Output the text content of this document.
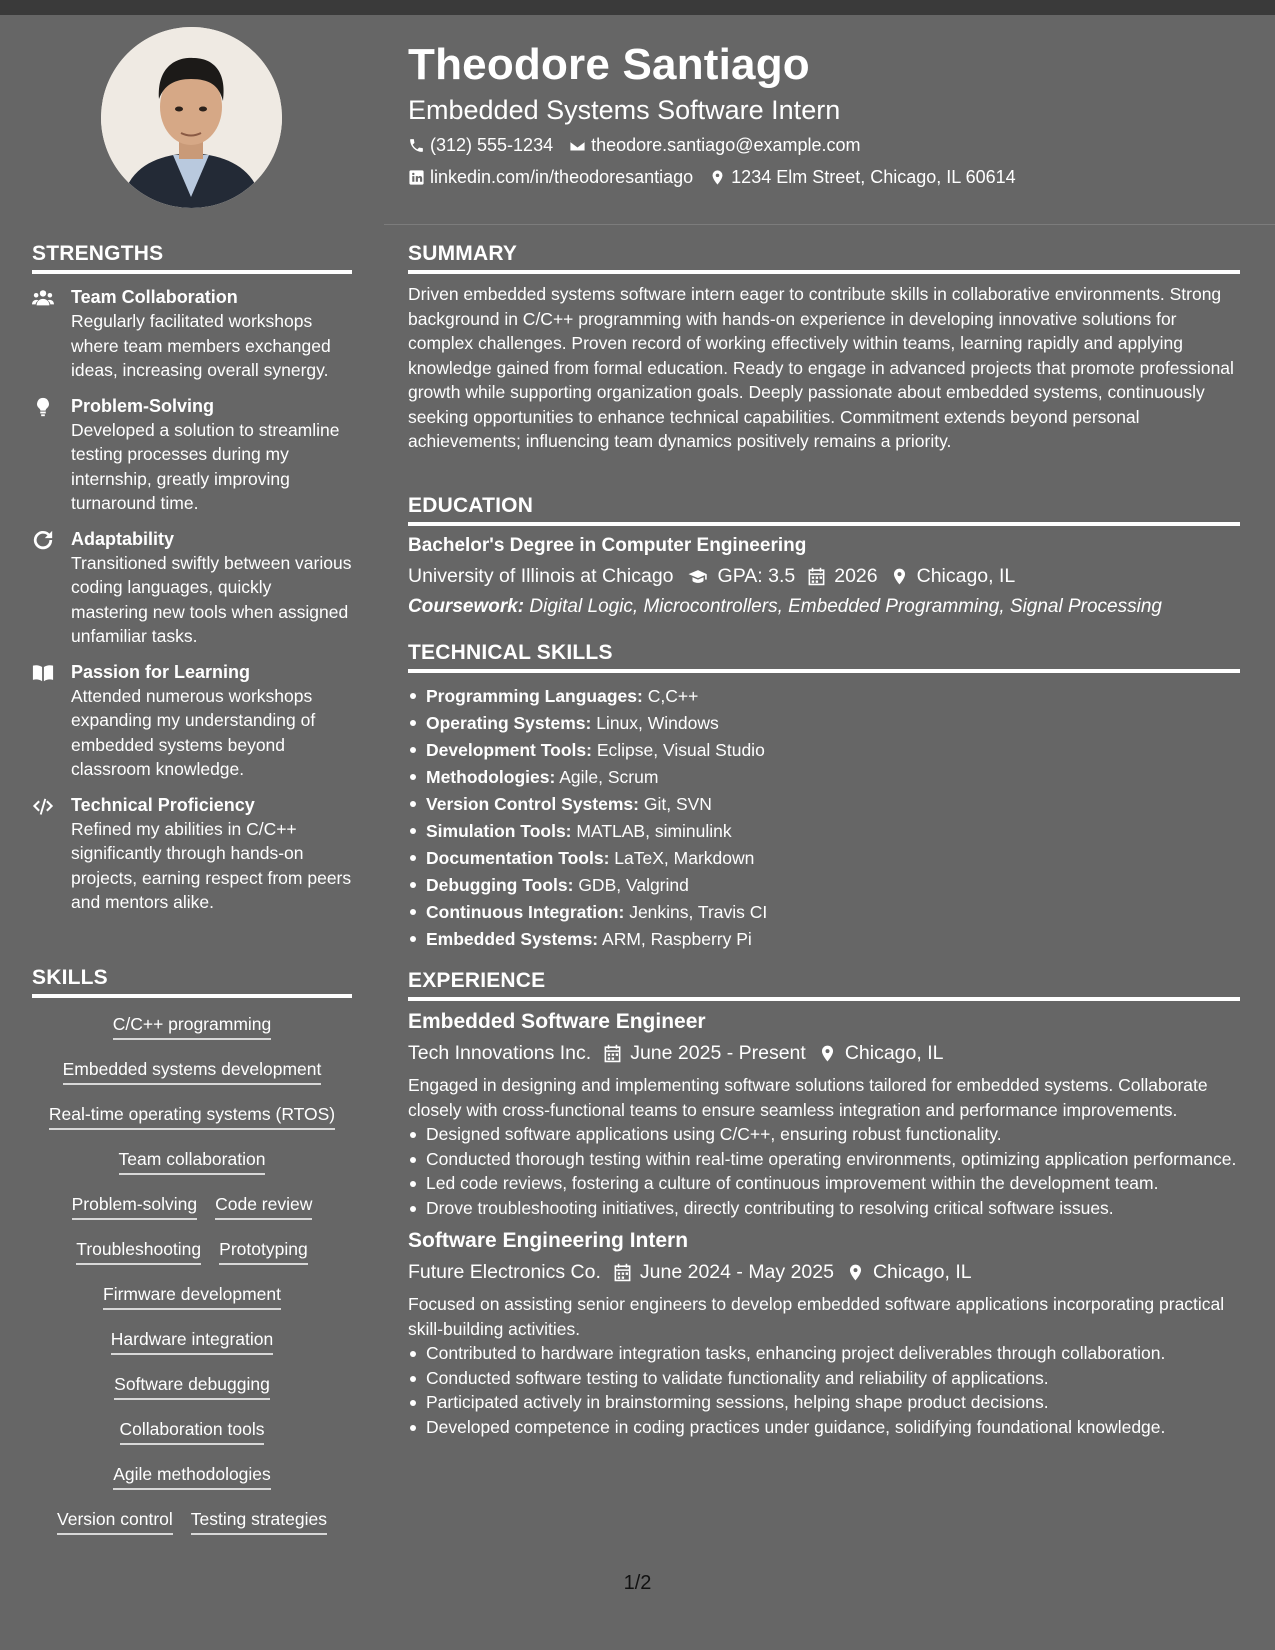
Theodore Santiago
Embedded Systems Software Intern
(312) 555-1234 theodore.santiago@example.com
linkedin.com/in/theodoresantiago 1234 Elm Street, Chicago, IL 60614
STRENGTHS
Team Collaboration
Regularly facilitated workshops where team members exchanged ideas, increasing overall synergy.
Problem-Solving
Developed a solution to streamline testing processes during my internship, greatly improving turnaround time.
Adaptability
Transitioned swiftly between various coding languages, quickly mastering new tools when assigned unfamiliar tasks.
Passion for Learning
Attended numerous workshops expanding my understanding of embedded systems beyond classroom knowledge.
Technical Proficiency
Refined my abilities in C/C++ significantly through hands-on projects, earning respect from peers and mentors alike.
SKILLS
C/C++ programming
Embedded systems development
Real-time operating systems (RTOS)
Team collaboration
Problem-solving Code review
Troubleshooting Prototyping
Firmware development
Hardware integration
Software debugging
Collaboration tools
Agile methodologies
Version control Testing strategies
SUMMARY
Driven embedded systems software intern eager to contribute skills in collaborative environments. Strong background in C/C++ programming with hands-on experience in developing innovative solutions for complex challenges. Proven record of working effectively within teams, learning rapidly and applying knowledge gained from formal education. Ready to engage in advanced projects that promote professional growth while supporting organization goals. Deeply passionate about embedded systems, continuously seeking opportunities to enhance technical capabilities. Commitment extends beyond personal achievements; influencing team dynamics positively remains a priority.
EDUCATION
Bachelor's Degree in Computer Engineering
University of Illinois at Chicago GPA: 3.5 2026 Chicago, IL
Coursework: Digital Logic, Microcontrollers, Embedded Programming, Signal Processing
TECHNICAL SKILLS
Programming Languages: C,C++
Operating Systems: Linux, Windows
Development Tools: Eclipse, Visual Studio
Methodologies: Agile, Scrum
Version Control Systems: Git, SVN
Simulation Tools: MATLAB, siminulink
Documentation Tools: LaTeX, Markdown
Debugging Tools: GDB, Valgrind
Continuous Integration: Jenkins, Travis CI
Embedded Systems: ARM, Raspberry Pi
EXPERIENCE
Embedded Software Engineer
Tech Innovations Inc. June 2025 - Present Chicago, IL
Engaged in designing and implementing software solutions tailored for embedded systems. Collaborate closely with cross-functional teams to ensure seamless integration and performance improvements.
Designed software applications using C/C++, ensuring robust functionality.
Conducted thorough testing within real-time operating environments, optimizing application performance.
Led code reviews, fostering a culture of continuous improvement within the development team.
Drove troubleshooting initiatives, directly contributing to resolving critical software issues.
Software Engineering Intern
Future Electronics Co. June 2024 - May 2025 Chicago, IL
Focused on assisting senior engineers to develop embedded software applications incorporating practical skill-building activities.
Contributed to hardware integration tasks, enhancing project deliverables through collaboration.
Conducted software testing to validate functionality and reliability of applications.
Participated actively in brainstorming sessions, helping shape product decisions.
Developed competence in coding practices under guidance, solidifying foundational knowledge.
1/2
